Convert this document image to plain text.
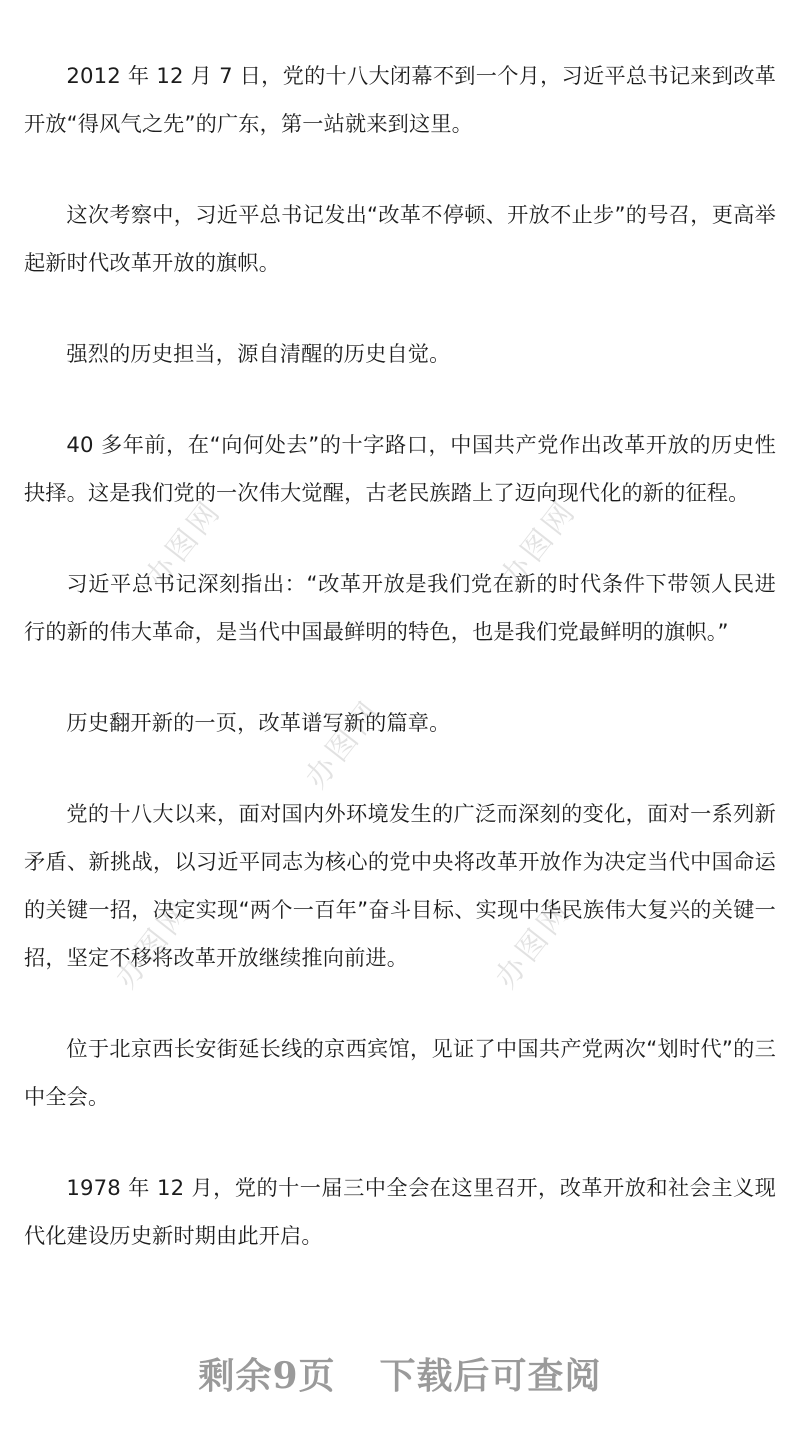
办图网	办图网
办图网
办图网	办图网

2012 年 12 月 7 日，党的十八大闭幕不到一个月，习近平总书记来到改革开放“得风气之先”的广东，第一站就来到这里。

这次考察中，习近平总书记发出“改革不停顿、开放不止步”的号召，更高举起新时代改革开放的旗帜。

强烈的历史担当，源自清醒的历史自觉。

40 多年前，在“向何处去”的十字路口，中国共产党作出改革开放的历史性抉择。这是我们党的一次伟大觉醒，古老民族踏上了迈向现代化的新的征程。

习近平总书记深刻指出：“改革开放是我们党在新的时代条件下带领人民进行的新的伟大革命，是当代中国最鲜明的特色，也是我们党最鲜明的旗帜。”

历史翻开新的一页，改革谱写新的篇章。

党的十八大以来，面对国内外环境发生的广泛而深刻的变化，面对一系列新矛盾、新挑战，以习近平同志为核心的党中央将改革开放作为决定当代中国命运的关键一招，决定实现“两个一百年”奋斗目标、实现中华民族伟大复兴的关键一招，坚定不移将改革开放继续推向前进。

位于北京西长安街延长线的京西宾馆，见证了中国共产党两次“划时代”的三中全会。

1978 年 12 月，党的十一届三中全会在这里召开，改革开放和社会主义现代化建设历史新时期由此开启。

剩余9页 下载后可查阅
